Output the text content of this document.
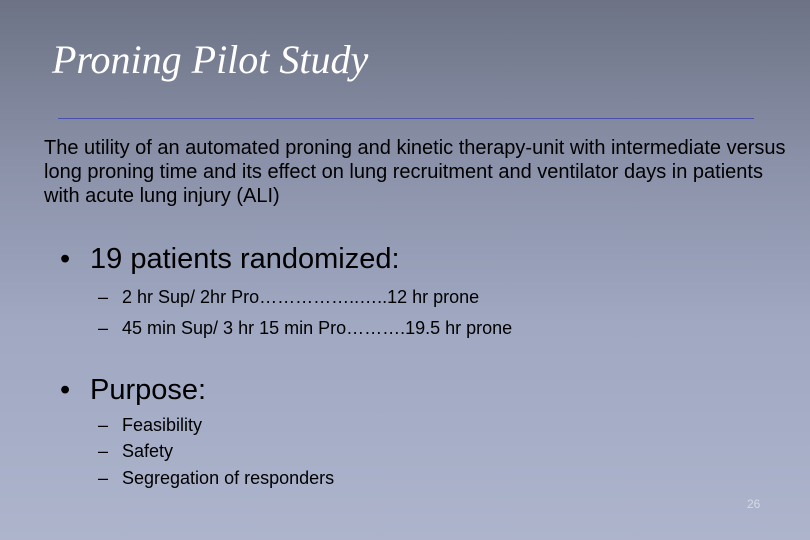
Proning Pilot Study
The utility of an automated proning and kinetic therapy-unit with intermediate versus long proning time and its effect on lung recruitment and ventilator days in patients with acute lung injury (ALI)
• 19 patients randomized:
– 2 hr Sup/ 2hr Pro……………..…..12 hr prone
– 45 min Sup/ 3 hr 15 min Pro……….19.5 hr prone
• Purpose:
– Feasibility
– Safety
– Segregation of responders
26
